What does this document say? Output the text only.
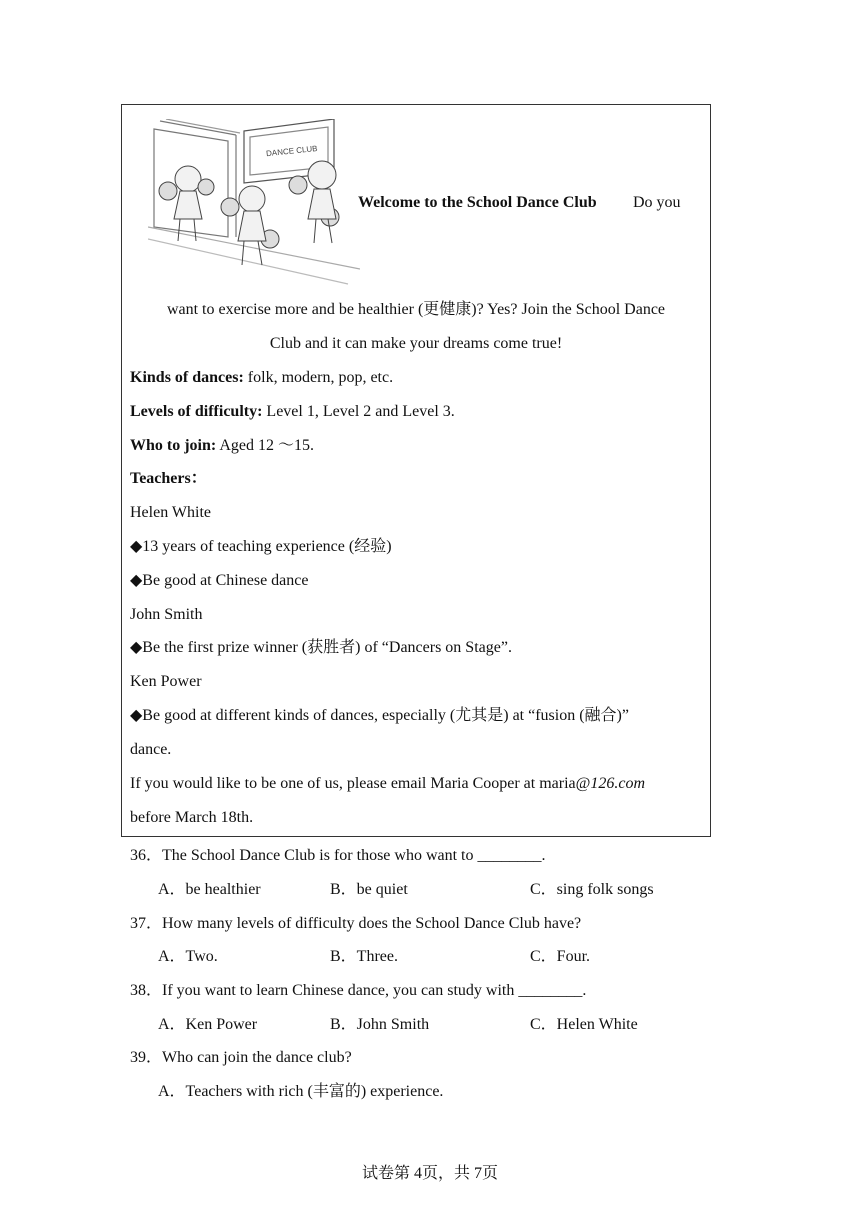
DANCE CLUB
Welcome to the School Dance Club Do you
want to exercise more and be healthier (更健康)? Yes? Join the School Dance
Club and it can make your dreams come true!
Kinds of dances: folk, modern, pop, etc.
Levels of difficulty: Level 1, Level 2 and Level 3.
Who to join: Aged 12 ～15.
Teachers：
Helen White
◆13 years of teaching experience (经验)
◆Be good at Chinese dance
John Smith
◆Be the first prize winner (获胜者) of “Dancers on Stage”.
Ken Power
◆Be good at different kinds of dances, especially (尤其是) at “fusion (融合)”
dance.
If you would like to be one of us, please email Maria Cooper at maria@126.com
before March 18th.
36．The School Dance Club is for those who want to ________.
A．be healthier	B．be quiet	C．sing folk songs
37．How many levels of difficulty does the School Dance Club have?
A．Two.	B．Three.	C．Four.
38．If you want to learn Chinese dance, you can study with ________.
A．Ken Power	B．John Smith	C．Helen White
39．Who can join the dance club?
A．Teachers with rich (丰富的) experience.
试卷第 4页，共 7页
